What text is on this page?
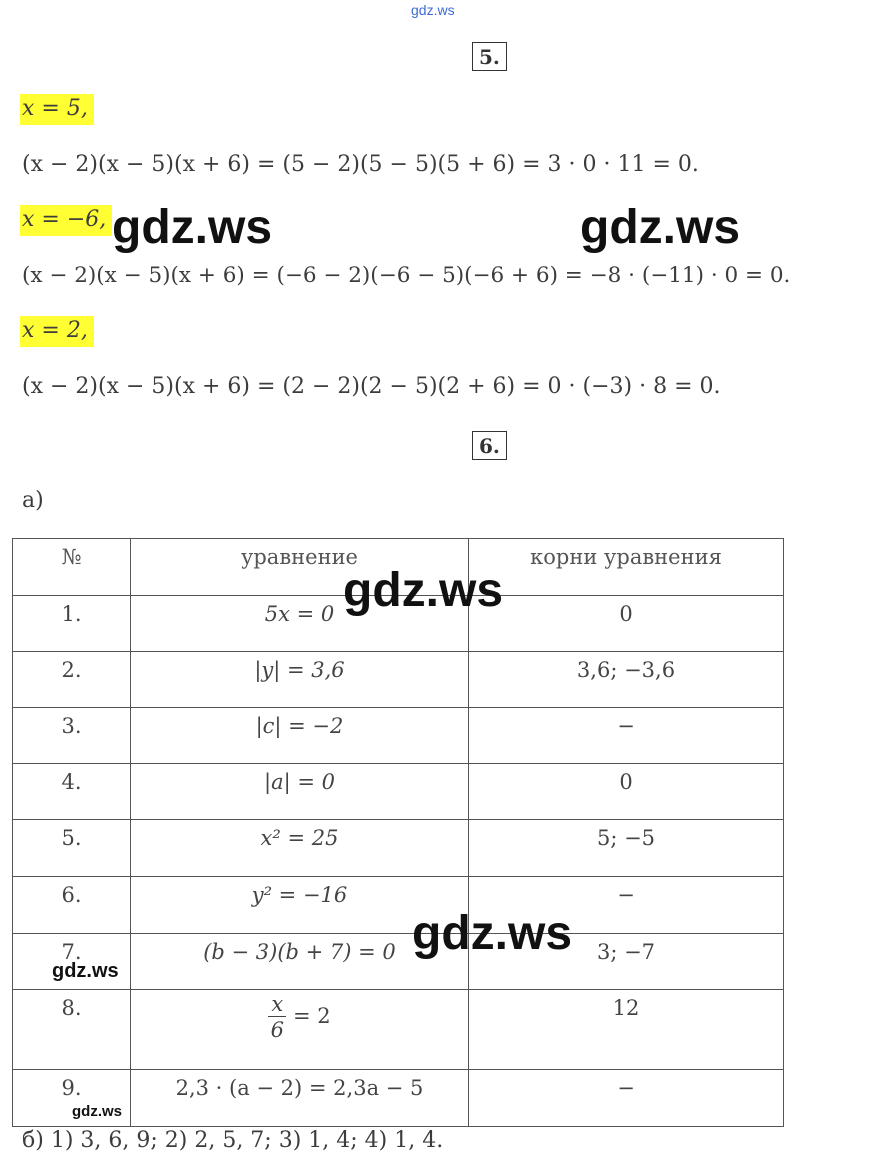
gdz.ws
5.
x = 5,
(x − 2)(x − 5)(x + 6) = (5 − 2)(5 − 5)(5 + 6) = 3 · 0 · 11 = 0.
x = −6,
(x − 2)(x − 5)(x + 6) = (−6 − 2)(−6 − 5)(−6 + 6) = −8 · (−11) · 0 = 0.
x = 2,
(x − 2)(x − 5)(x + 6) = (2 − 2)(2 − 5)(2 + 6) = 0 · (−3) · 8 = 0.
6.
а)
№	уравнение	корни уравнения
1.	5x = 0	0
2.	|y| = 3,6	3,6; −3,6
3.	|c| = −2	−
4.	|a| = 0	0
5.	x² = 25	5; −5
6.	y² = −16	−
7.	(b − 3)(b + 7) = 0	3; −7
8.	$\frac{x}{6} = 2$	12
9.	2,3 · (a − 2) = 2,3a − 5	−
б) 1) 3, 6, 9; 2) 2, 5, 7; 3) 1, 4; 4) 1, 4.
gdz.ws	gdz.ws
gdz.ws
gdz.ws
gdz.ws
gdz.ws
